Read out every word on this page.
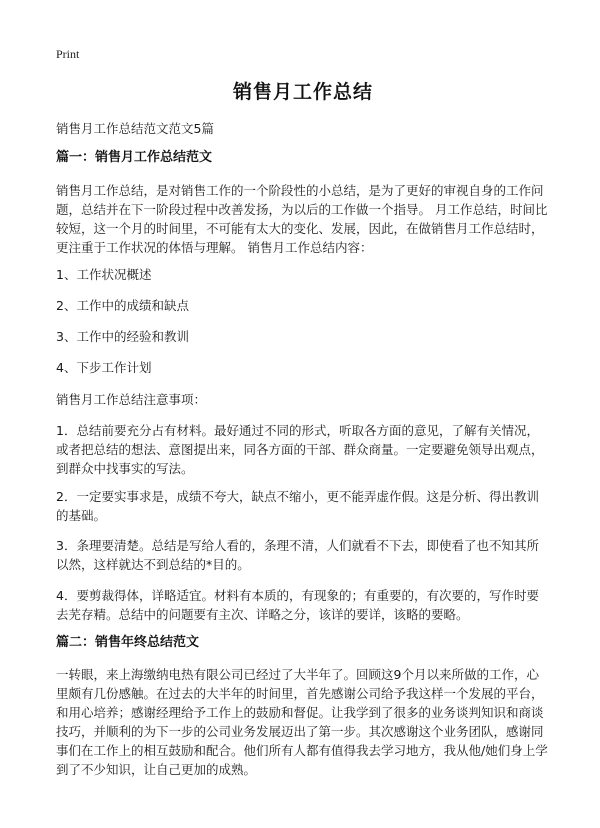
Print
销售月工作总结

销售月工作总结范文范文5篇

篇一：销售月工作总结范文

销售月工作总结，是对销售工作的一个阶段性的小总结，是为了更好的审视自身的工作问题，总结并在下一阶段过程中改善发扬，为以后的工作做一个指导。 月工作总结，时间比较短，这一个月的时间里，不可能有太大的变化、发展，因此，在做销售月工作总结时，更注重于工作状况的体悟与理解。 销售月工作总结内容：

1、工作状况概述

2、工作中的成绩和缺点

3、工作中的经验和教训

4、下步工作计划

销售月工作总结注意事项：

1．总结前要充分占有材料。最好通过不同的形式，听取各方面的意见，了解有关情况，或者把总结的想法、意图提出来，同各方面的干部、群众商量。一定要避免领导出观点，到群众中找事实的写法。

2．一定要实事求是，成绩不夸大，缺点不缩小，更不能弄虚作假。这是分析、得出教训的基础。

3．条理要清楚。总结是写给人看的，条理不清，人们就看不下去，即使看了也不知其所以然，这样就达不到总结的*目的。

4．要剪裁得体，详略适宜。材料有本质的，有现象的；有重要的，有次要的，写作时要去芜存精。总结中的问题要有主次、详略之分，该详的要详，该略的要略。

篇二：销售年终总结范文

一转眼，来上海缴纳电热有限公司已经过了大半年了。回顾这9个月以来所做的工作，心里颇有几份感触。在过去的大半年的时间里，首先感谢公司给予我这样一个发展的平台，和用心培养；感谢经理给予工作上的鼓励和督促。让我学到了很多的业务谈判知识和商谈技巧，并顺利的为下一步的公司业务发展迈出了第一步。其次感谢这个业务团队，感谢同事们在工作上的相互鼓励和配合。他们所有人都有值得我去学习地方，我从他/她们身上学到了不少知识，让自己更加的成熟。
